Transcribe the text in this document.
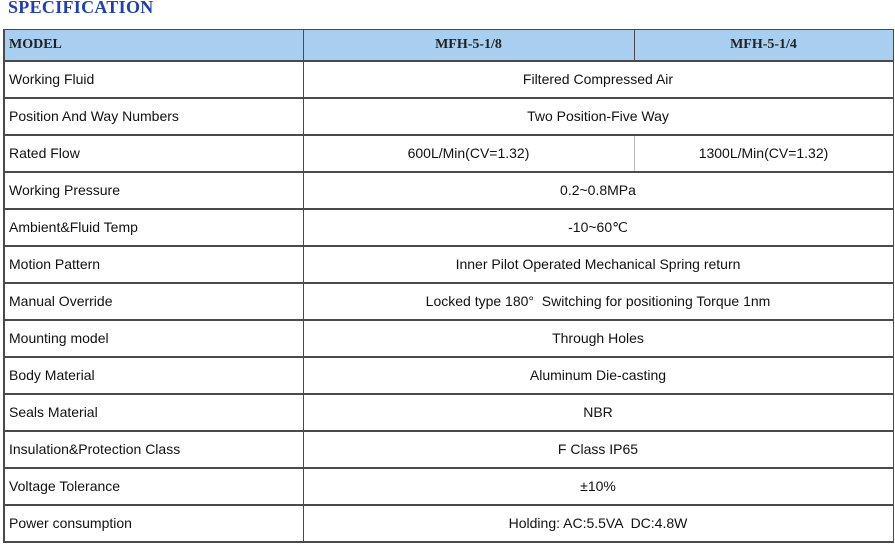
SPECIFICATION
MODEL	MFH-5-1/8	MFH-5-1/4
Working Fluid	Filtered Compressed Air	
Position And Way Numbers	Two Position-Five Way	
Rated Flow	600L/Min(CV=1.32)	1300L/Min(CV=1.32)
Working Pressure	0.2~0.8MPa	
Ambient&Fluid Temp	-10~60℃	
Motion Pattern	Inner Pilot Operated Mechanical Spring return	
Manual Override	Locked type 180°  Switching for positioning Torque 1nm	
Mounting model	Through Holes	
Body Material	Aluminum Die-casting	
Seals Material	NBR	
Insulation&Protection Class	F Class IP65	
Voltage Tolerance	±10%	
Power consumption	Holding: AC:5.5VA  DC:4.8W	
